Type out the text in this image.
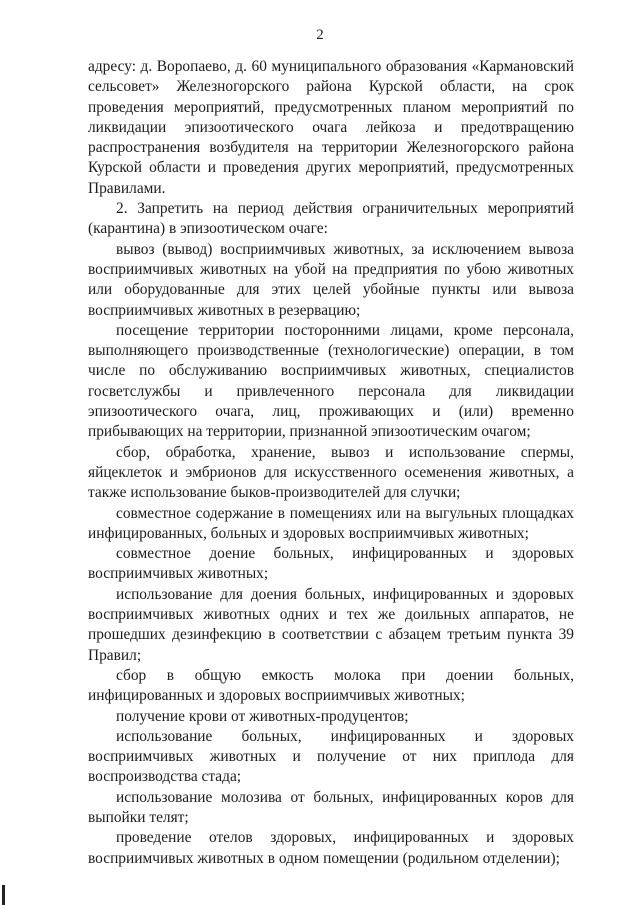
2

адресу: д. Воропаево, д. 60 муниципального образования «Кармановский сельсовет» Железногорского района Курской области, на срок проведения мероприятий, предусмотренных планом мероприятий по ликвидации эпизоотического очага лейкоза и предотвращению распространения возбудителя на территории Железногорского района Курской области и проведения других мероприятий, предусмотренных Правилами.

2. Запретить на период действия ограничительных мероприятий (карантина) в эпизоотическом очаге:

вывоз (вывод) восприимчивых животных, за исключением вывоза восприимчивых животных на убой на предприятия по убою животных или оборудованные для этих целей убойные пункты или вывоза восприимчивых животных в резервацию;

посещение территории посторонними лицами, кроме персонала, выполняющего производственные (технологические) операции, в том числе по обслуживанию восприимчивых животных, специалистов госветслужбы и привлеченного персонала для ликвидации эпизоотического очага, лиц, проживающих и (или) временно прибывающих на территории, признанной эпизоотическим очагом;

сбор, обработка, хранение, вывоз и использование спермы, яйцеклеток и эмбрионов для искусственного осеменения животных, а также использование быков-производителей для случки;

совместное содержание в помещениях или на выгульных площадках инфицированных, больных и здоровых восприимчивых животных;

совместное доение больных, инфицированных и здоровых восприимчивых животных;

использование для доения больных, инфицированных и здоровых восприимчивых животных одних и тех же доильных аппаратов, не прошедших дезинфекцию в соответствии с абзацем третьим пункта 39 Правил;

сбор в общую емкость молока при доении больных, инфицированных и здоровых восприимчивых животных;

получение крови от животных-продуцентов;

использование больных, инфицированных и здоровых восприимчивых животных и получение от них приплода для воспроизводства стада;

использование молозива от больных, инфицированных коров для выпойки телят;

проведение отелов здоровых, инфицированных и здоровых восприимчивых животных в одном помещении (родильном отделении);
